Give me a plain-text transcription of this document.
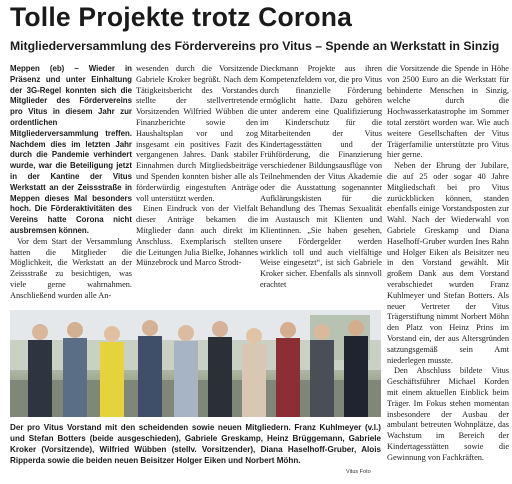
Tolle Projekte trotz Corona
Mitgliederversammlung des Fördervereins pro Vitus – Spende an Werkstatt in Sinzig

Meppen (eb) – Wieder in Präsenz und unter Einhaltung der 3G-Regel konnten sich die Mitglieder des Fördervereins pro Vitus in diesem Jahr zur ordentlichen Mitgliederversammlung treffen. Nachdem dies im letzten Jahr durch die Pandemie verhindert wurde, war die Beteiligung jetzt in der Kantine der Vitus Werkstatt an der Zeissstraße in Meppen dieses Mal besonders hoch. Die Förderaktivitäten des Vereins hatte Corona nicht ausbremsen können.

Vor dem Start der Versammlung hatten die Mitglieder die Möglichkeit, die Werkstatt an der Zeissstraße zu besichtigen, was viele gerne wahrnahmen. Anschließend wurden alle An-

wesenden durch die Vorsitzende Gabriele Kroker begrüßt. Nach dem Tätigkeitsbericht des Vorstandes stellte der stellvertretende Vorsitzenden Wilfried Wübben die Finanzberichte sowie den Haushaltsplan vor und zog insgesamt ein positives Fazit des vergangenen Jahres. Dank stabiler Einnahmen durch Mitgliedsbeiträge und Spenden konnten bisher alle als förderwürdig eingestuften Anträge voll unterstützt werden.

Einen Eindruck von der Vielfalt dieser Anträge bekamen die Mitglieder dann auch direkt im Anschluss. Exemplarisch stellten die Leitungen Julia Bielke, Johannes Münzebrock und Marco Strodt-

Dieckmann Projekte aus ihren Kompetenzfeldern vor, die pro Vitus durch finanzielle Förderung ermöglicht hatte. Dazu gehören unter anderem eine Qualifizierung im Kinderschutz für die Mitarbeitenden der Vitus Kindertagesstätten und der Frühförderung, die Finanzierung verschiedener Bildungsausflüge von Teilnehmenden der Vitus Akademie oder die Ausstattung sogenannter Aufklärungskisten für die Behandlung des Themas Sexualität im Austausch mit Klienten und Klientinnen. „Sie haben gesehen, unsere Fördergelder werden wirklich toll und auch vielfältige Weise eingesetzt“, ist sich Gabriele Kroker sicher. Ebenfalls als sinnvoll erachtet

die Vorsitzende die Spende in Höhe von 2500 Euro an die Werkstatt für behinderte Menschen in Sinzig, welche durch die Hochwasserkatastrophe im Sommer total zerstört worden war. Wie auch weitere Gesellschaften der Vitus Trägerfamilie unterstützte pro Vitus hier gerne.

Neben der Ehrung der Jubilare, die auf 25 oder sogar 40 Jahre Mitgliedschaft bei pro Vitus zurückblicken können, standen ebenfalls einige Vorstandsposten zur Wahl. Nach der Wiederwahl von Gabriele Greskamp und Diana Haselhoff-Gruber wurden Ines Rahn und Holger Eiken als Beisitzer neu in den Vorstand gewählt. Mit großem Dank aus dem Vorstand verabschiedet wurden Franz Kuhlmeyer und Stefan Botters. Als neuer Vertreter der Vitus Trägerstiftung nimmt Norbert Möhn den Platz von Heinz Prins im Vorstand ein, der aus Altersgründen satzungsgemäß sein Amt niederlegen musste.

Den Abschluss bildete Vitus Geschäftsführer Michael Korden mit einem aktuellen Einblick beim Träger. Im Fokus stehen momentan insbesondere der Ausbau der ambulant betreuten Wohnplätze, das Wachstum im Bereich der Kindertagesstätten sowie die Gewinnung von Fachkräften.

Der pro Vitus Vorstand mit den scheidenden sowie neuen Mitgliedern. Franz Kuhlmeyer (v.l.) und Stefan Botters (beide ausgeschieden), Gabriele Greskamp, Heinz Brüggemann, Gabriele Kroker (Vorsitzende), Wilfried Wübben (stellv. Vorsitzender), Diana Haselhoff-Gruber, Alois Ripperda sowie die beiden neuen Beisitzer Holger Eiken und Norbert Möhn.
Vitus Foto
